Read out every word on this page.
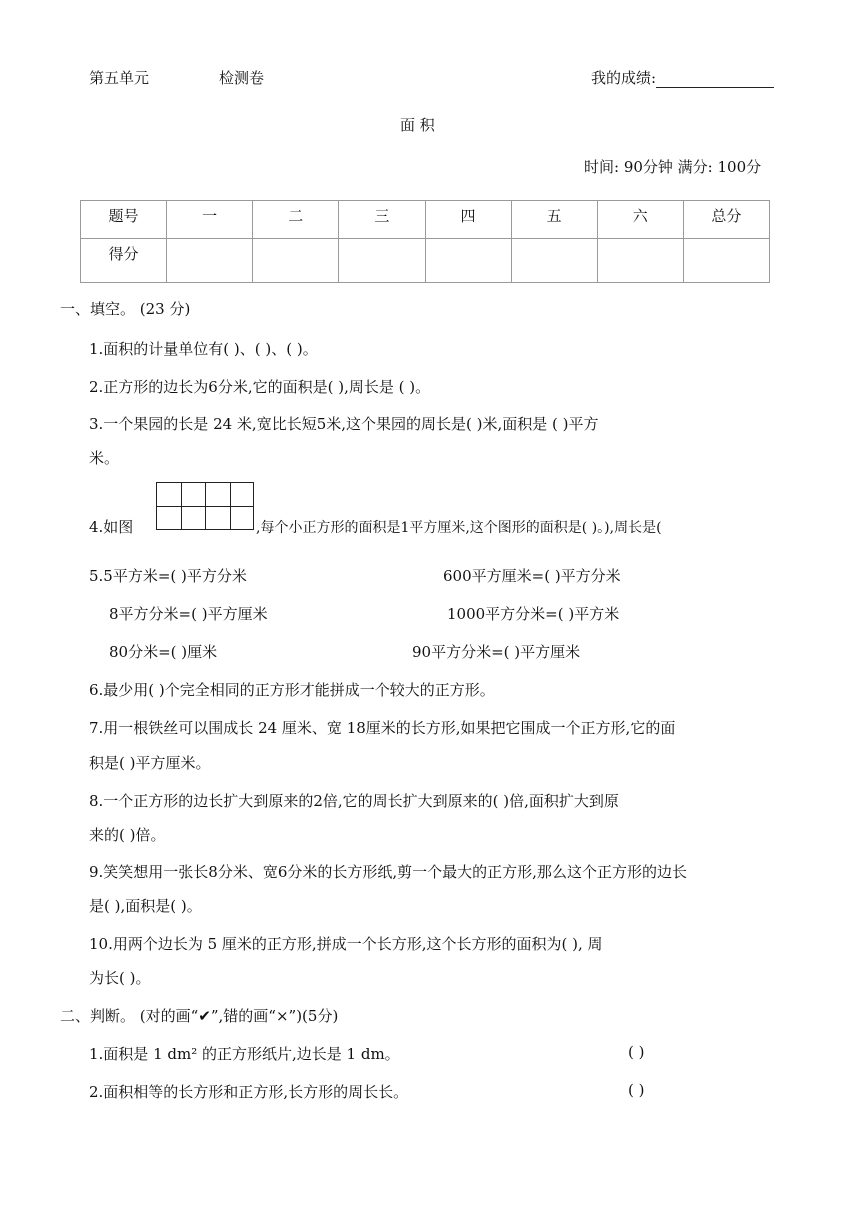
第五单元	检测卷	我的成绩:
面 积
时间: 90分钟 满分: 100分
题号	一	二	三	四	五	六	总分
得分							
一、填空。 (23 分)
1.面积的计量单位有( )、( )、( )。
2.正方形的边长为6分米,它的面积是( ),周长是 ( )。
3.一个果园的长是 24 米,宽比长短5米,这个果园的周长是( )米,面积是 ( )平方
米。
4.如图	,每个小正方形的面积是1平方厘米,这个图形的面积是( )。),周长是(
5.5平方米=( )平方分米	600平方厘米=( )平方分米
8平方分米=( )平方厘米	1000平方分米=( )平方米
80分米=( )厘米	90平方分米=( )平方厘米
6.最少用( )个完全相同的正方形才能拼成一个较大的正方形。
7.用一根铁丝可以围成长 24 厘米、宽 18厘米的长方形,如果把它围成一个正方形,它的面
积是( )平方厘米。
8.一个正方形的边长扩大到原来的2倍,它的周长扩大到原来的( )倍,面积扩大到原
来的( )倍。
9.笑笑想用一张长8分米、宽6分米的长方形纸,剪一个最大的正方形,那么这个正方形的边长
是( ),面积是( )。
10.用两个边长为 5 厘米的正方形,拼成一个长方形,这个长方形的面积为( ), 周
为长( )。
二、判断。 (对的画“✔”,错的画“×”)(5分)
1.面积是 1 dm² 的正方形纸片,边长是 1 dm。	( )
2.面积相等的长方形和正方形,长方形的周长长。	( )
